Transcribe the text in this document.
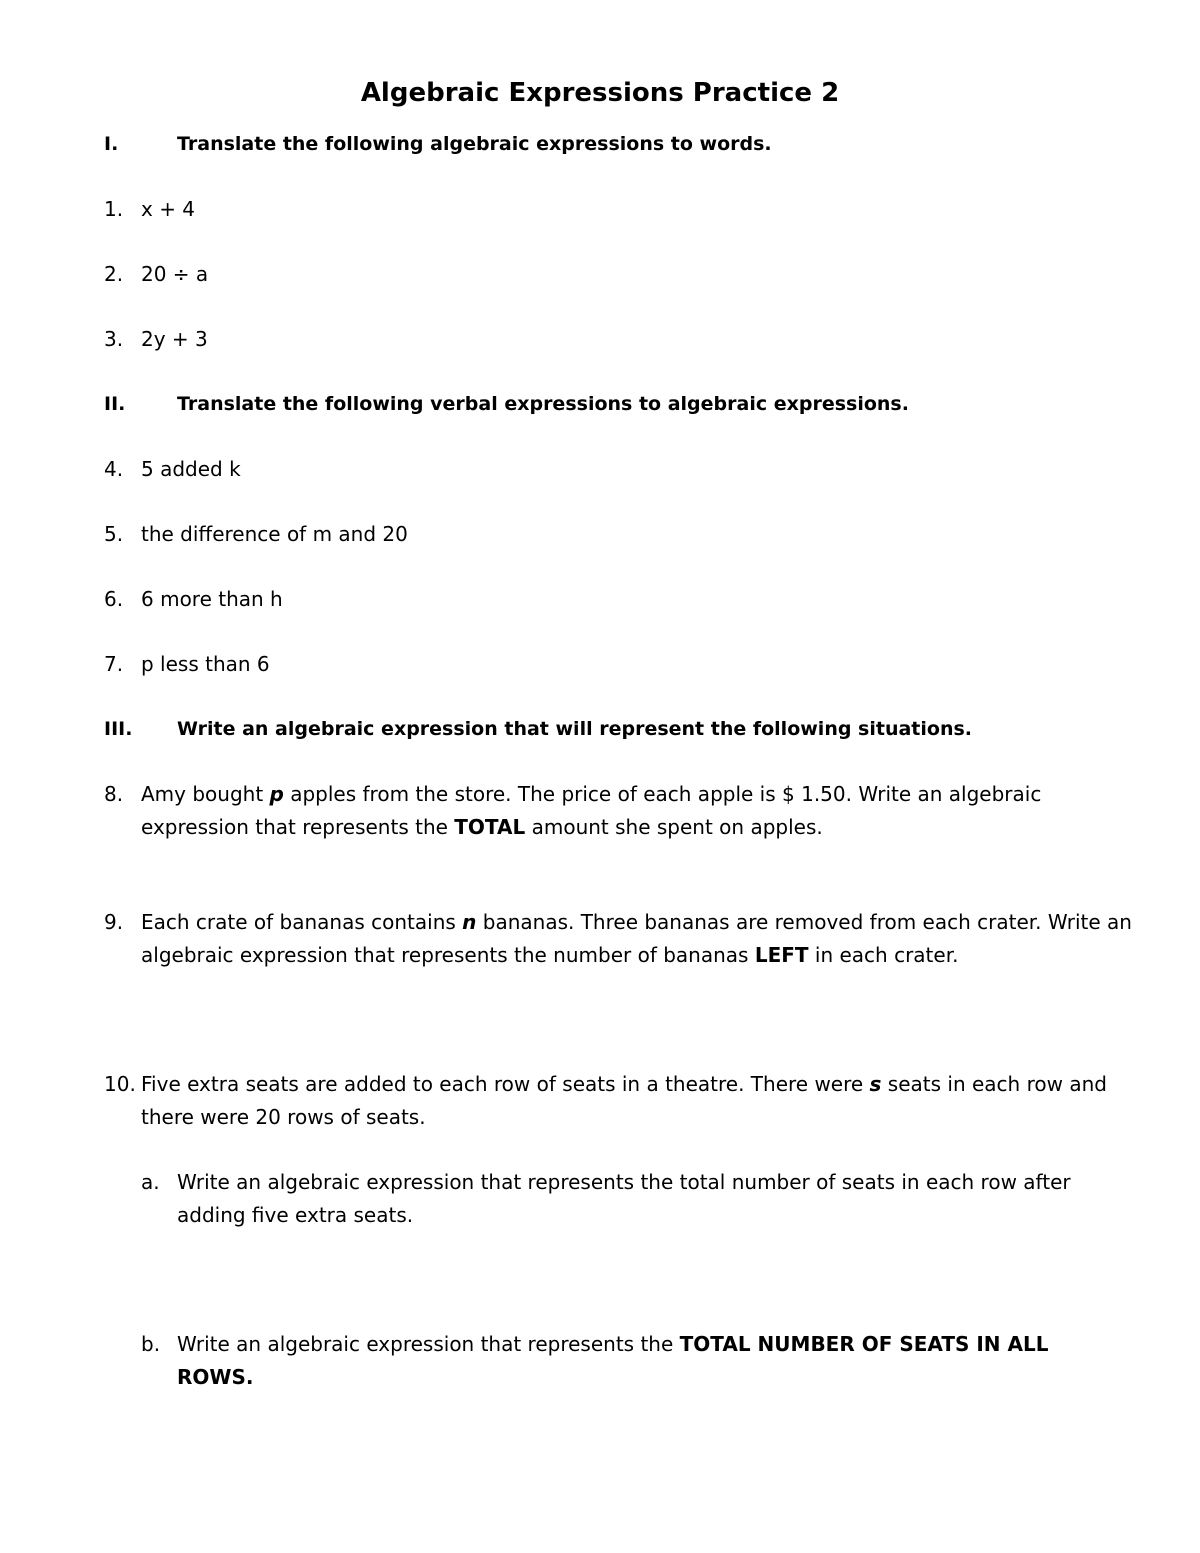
Algebraic Expressions Practice 2
I.	Translate the following algebraic expressions to words.
1. x + 4
2. 20 ÷ a
3. 2y + 3
II.	Translate the following verbal expressions to algebraic expressions.
4. 5 added k
5. the difference of m and 20
6. 6 more than h
7. p less than 6
III. Write an algebraic expression that will represent the following situations.
8. Amy bought p apples from the store. The price of each apple is $ 1.50. Write an algebraic expression that represents the TOTAL amount she spent on apples.
9. Each crate of bananas contains n bananas. Three bananas are removed from each crater. Write an algebraic expression that represents the number of bananas LEFT in each crater.
10. Five extra seats are added to each row of seats in a theatre. There were s seats in each row and there were 20 rows of seats.
a. Write an algebraic expression that represents the total number of seats in each row after adding five extra seats.
b. Write an algebraic expression that represents the TOTAL NUMBER OF SEATS IN ALL ROWS.
